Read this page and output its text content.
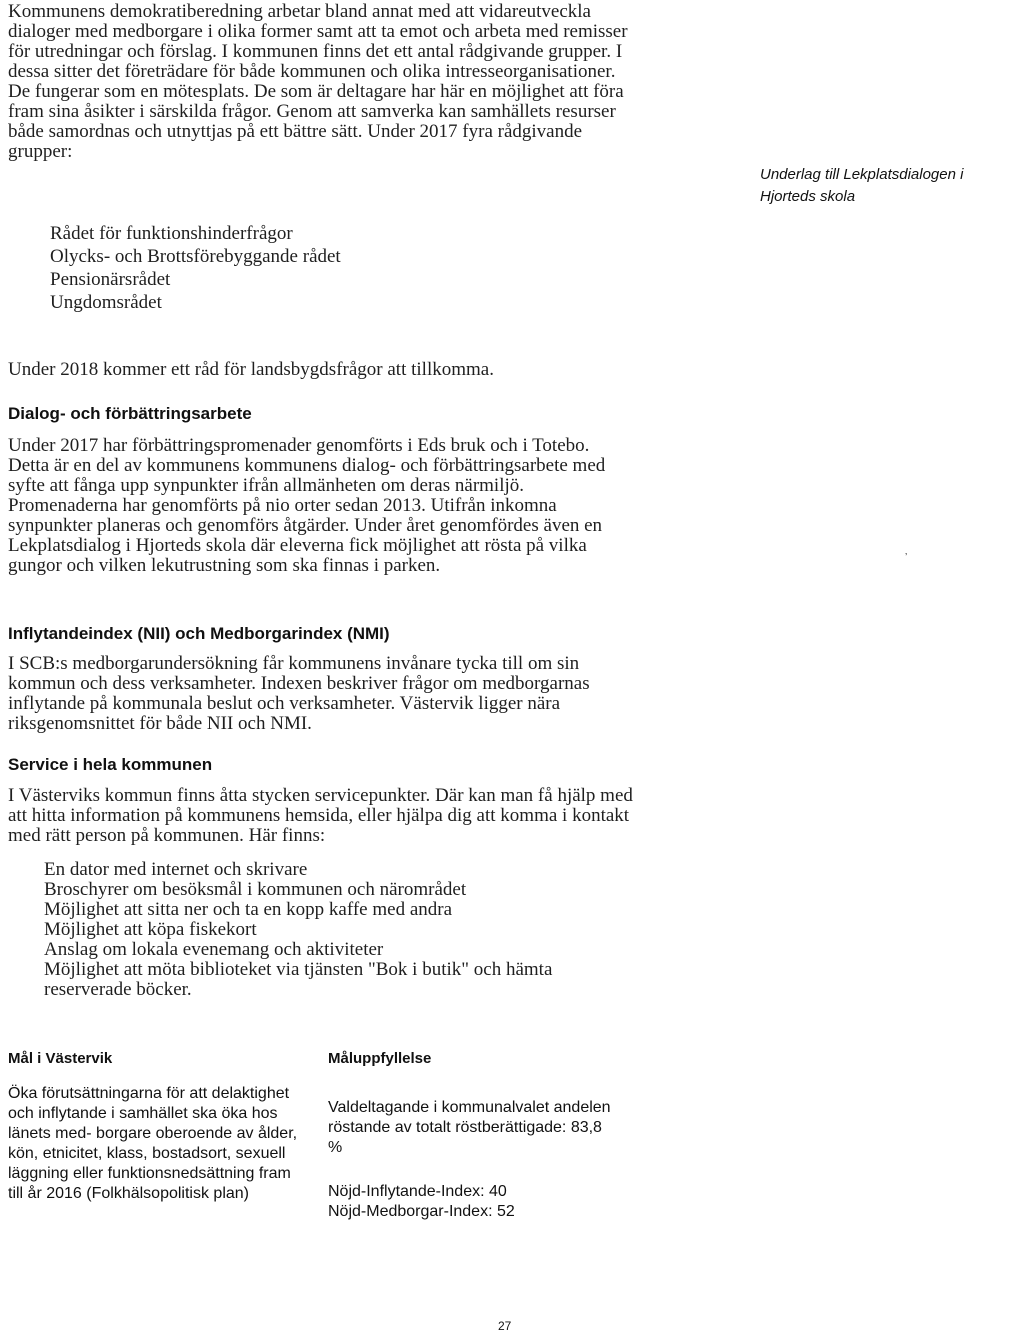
Kommunens demokratiberedning arbetar bland annat med att vidareutveckla dialoger med medborgare i olika former samt att ta emot och arbeta med remisser för utredningar och förslag. I kommunen finns det ett antal rådgivande grupper. I dessa sitter det företrädare för både kommunen och olika intresseorganisationer. De fungerar som en mötesplats. De som är deltagare har här en möjlighet att föra fram sina åsikter i särskilda frågor. Genom att samverka kan samhällets resurser både samordnas och utnyttjas på ett bättre sätt. Under 2017 fyra rådgivande grupper:

Rådet för funktionshinderfrågor
Olycks- och Brottsförebyggande rådet
Pensionärsrådet
Ungdomsrådet

Under 2018 kommer ett råd för landsbygdsfrågor att tillkomma.

Underlag till Lekplatsdialogen i Hjorteds skola
Dialog- och förbättringsarbete

Under 2017 har förbättringspromenader genomförts i Eds bruk och i Totebo. Detta är en del av kommunens kommunens dialog- och förbättringsarbete med syfte att fånga upp synpunkter ifrån allmänheten om deras närmiljö. Promenaderna har genomförts på nio orter sedan 2013. Utifrån inkomna synpunkter planeras och genomförs åtgärder. Under året genomfördes även en Lekplatsdialog i Hjorteds skola där eleverna fick möjlighet att rösta på vilka gungor och vilken lekutrustning som ska finnas i parken.

Inflytandeindex (NII) och Medborgarindex (NMI)

I SCB:s medborgarundersökning får kommunens invånare tycka till om sin kommun och dess verksamheter. Indexen beskriver frågor om medborgarnas inflytande på kommunala beslut och verksamheter. Västervik ligger nära riksgenomsnittet för både NII och NMI.

Service i hela kommunen

I Västerviks kommun finns åtta stycken servicepunkter. Där kan man få hjälp med att hitta information på kommunens hemsida, eller hjälpa dig att komma i kontakt med rätt person på kommunen. Här finns:

En dator med internet och skrivare
Broschyrer om besöksmål i kommunen och närområdet
Möjlighet att sitta ner och ta en kopp kaffe med andra
Möjlighet att köpa fiskekort
Anslag om lokala evenemang och aktiviteter
Möjlighet att möta biblioteket via tjänsten "Bok i butik" och hämta reserverade böcker.
Mål i Västervik

Öka förutsättningarna för att delaktighet och inflytande i samhället ska öka hos länets med- borgare oberoende av ålder, kön, etnicitet, klass, bostadsort, sexuell läggning eller funktionsnedsättning fram till år 2016 (Folkhälsopolitisk plan)

Måluppfyllelse

Valdeltagande i kommunalvalet andelen röstande av totalt röstberättigade: 83,8 %

Nöjd-Inflytande-Index: 40
Nöjd-Medborgar-Index: 52
’
27
